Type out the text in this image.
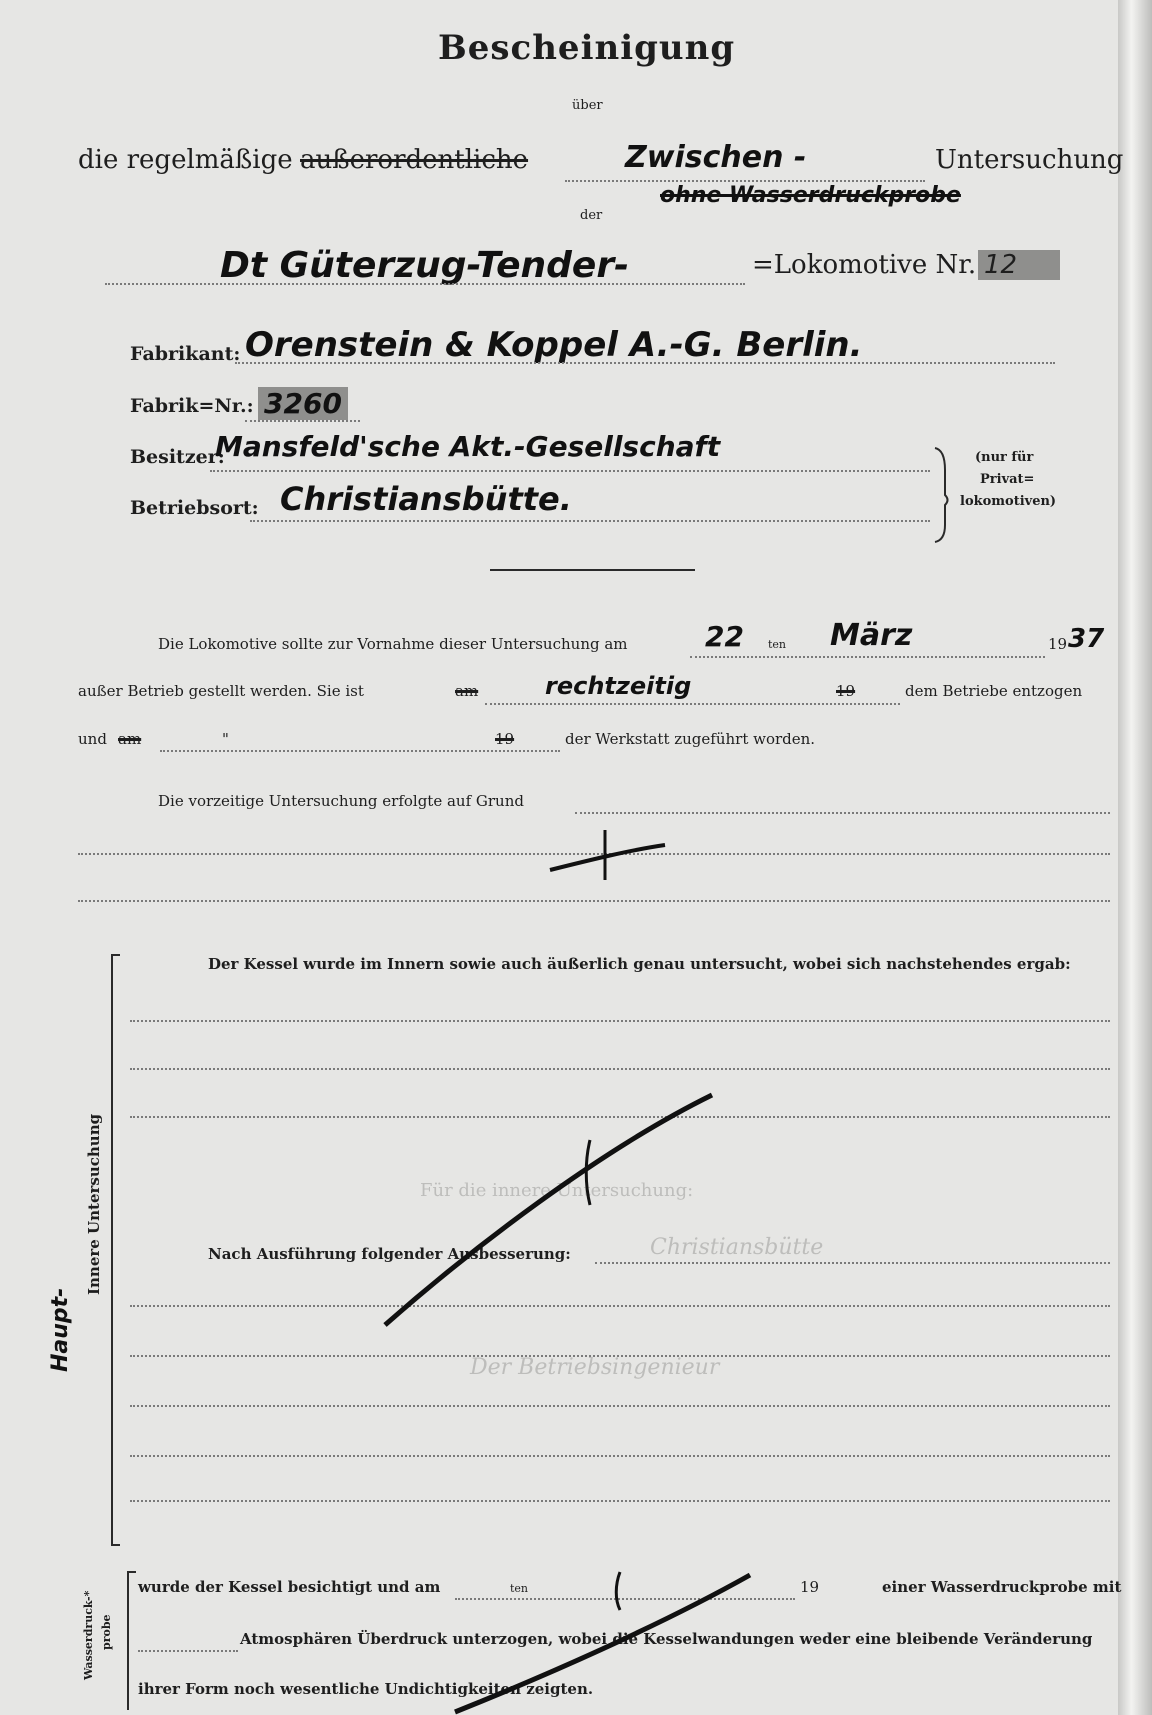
Für die innere Untersuchung:
Christiansbütte
Der Betriebsingenieur
Bescheinigung
über
die regelmäßige außerordentliche	Zwischen -	Untersuchung
ohne Wasserdruckprobe
der
Dt Güterzug-Tender-	=Lokomotive Nr. 12
Fabrikant: Orenstein & Koppel A.-G. Berlin.
Fabrik=Nr.: 3260
Besitzer:
Mansfeld'sche Akt.-Gesellschaft
Betriebsort: Christiansbütte.
(nur für
Privat=
lokomotiven)
Die Lokomotive sollte zur Vornahme dieser Untersuchung am	22 ten März	19 37
außer Betrieb gestellt werden. Sie ist	am	rechtzeitig	19	dem Betriebe entzogen
und am	"	19	der Werkstatt zugeführt worden.
Die vorzeitige Untersuchung erfolgte auf Grund
Der Kessel wurde im Innern sowie auch äußerlich genau untersucht, wobei sich nachstehendes ergab:
Nach Ausführung folgender Ausbesserung:
Innere Untersuchung
Haupt-
Wasserdruck-* probe
wurde der Kessel besichtigt und am	ten	19	einer Wasserdruckprobe mit
Atmosphären Überdruck unterzogen, wobei die Kesselwandungen weder eine bleibende Veränderung
ihrer Form noch wesentliche Undichtigkeiten zeigten.
